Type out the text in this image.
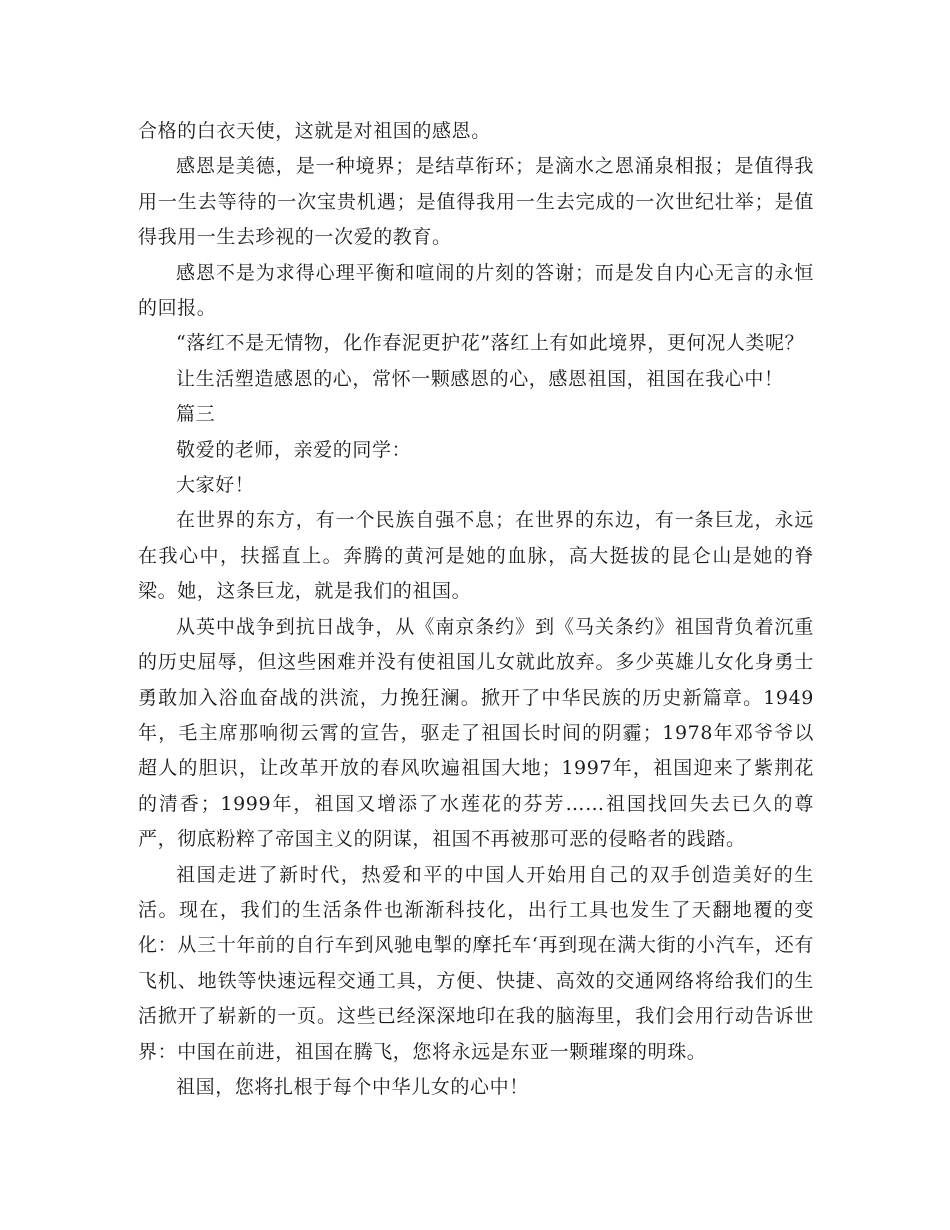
合格的白衣天使，这就是对祖国的感恩。

感恩是美德，是一种境界；是结草衔环；是滴水之恩涌泉相报；是值得我用一生去等待的一次宝贵机遇；是值得我用一生去完成的一次世纪壮举；是值得我用一生去珍视的一次爱的教育。

感恩不是为求得心理平衡和喧闹的片刻的答谢；而是发自内心无言的永恒的回报。

“落红不是无情物，化作春泥更护花”落红上有如此境界，更何况人类呢？

让生活塑造感恩的心，常怀一颗感恩的心，感恩祖国，祖国在我心中！

篇三

敬爱的老师，亲爱的同学：

大家好！

在世界的东方，有一个民族自强不息；在世界的东边，有一条巨龙，永远在我心中，扶摇直上。奔腾的黄河是她的血脉，高大挺拔的昆仑山是她的脊梁。她，这条巨龙，就是我们的祖国。

从英中战争到抗日战争，从《南京条约》到《马关条约》祖国背负着沉重的历史屈辱，但这些困难并没有使祖国儿女就此放弃。多少英雄儿女化身勇士勇敢加入浴血奋战的洪流，力挽狂澜。掀开了中华民族的历史新篇章。1949年，毛主席那响彻云霄的宣告，驱走了祖国长时间的阴霾；1978年邓爷爷以超人的胆识，让改革开放的春风吹遍祖国大地；1997年，祖国迎来了紫荆花的清香；1999年，祖国又增添了水莲花的芬芳……祖国找回失去已久的尊严，彻底粉粹了帝国主义的阴谋，祖国不再被那可恶的侵略者的践踏。

祖国走进了新时代，热爱和平的中国人开始用自己的双手创造美好的生活。现在，我们的生活条件也渐渐科技化，出行工具也发生了天翻地覆的变化：从三十年前的自行车到风驰电掣的摩托车‘再到现在满大街的小汽车，还有飞机、地铁等快速远程交通工具，方便、快捷、高效的交通网络将给我们的生活掀开了崭新的一页。这些已经深深地印在我的脑海里，我们会用行动告诉世界：中国在前进，祖国在腾飞，您将永远是东亚一颗璀璨的明珠。

祖国，您将扎根于每个中华儿女的心中！
